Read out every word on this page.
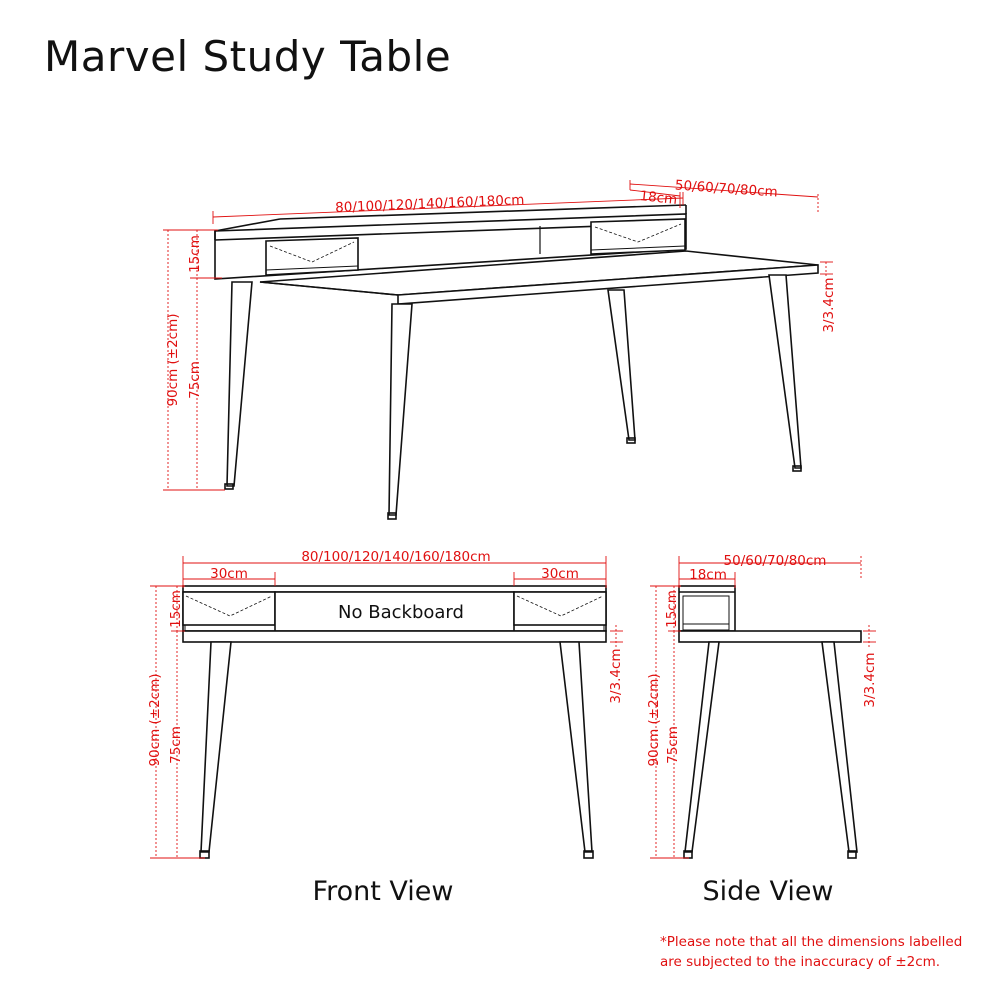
Marvel Study Table
80/100/120/140/160/180cm
50/60/70/80cm
18cm
15cm
90cm (±2cm) 75cm
3/3.4cm
80/100/120/140/160/180cm
30cm	30cm
No Backboard
15cm
90cm (±2cm) 75cm
3/3.4cm
Front View
50/60/70/80cm
18cm
15cm
90cm (±2cm) 75cm
3/3.4cm
Side View

*Please note that all the dimensions labelled
are subjected to the inaccuracy of ±2cm.
